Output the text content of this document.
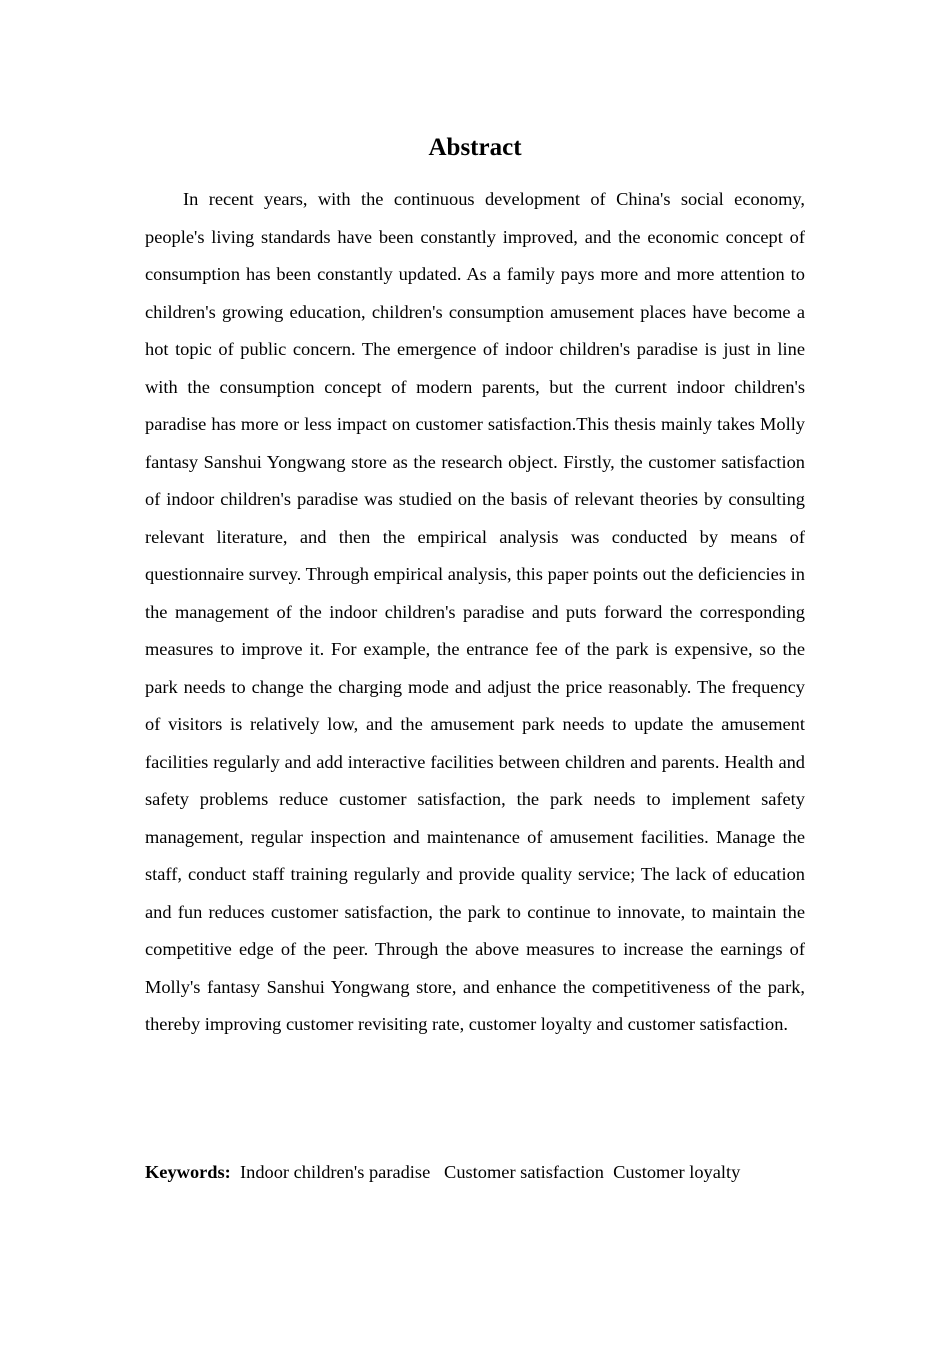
Abstract

In recent years, with the continuous development of China's social economy, people's living standards have been constantly improved, and the economic concept of consumption has been constantly updated. As a family pays more and more attention to children's growing education, children's consumption amusement places have become a hot topic of public concern. The emergence of indoor children's paradise is just in line with the consumption concept of modern parents, but the current indoor children's paradise has more or less impact on customer satisfaction.This thesis mainly takes Molly fantasy Sanshui Yongwang store as the research object. Firstly, the customer satisfaction of indoor children's paradise was studied on the basis of relevant theories by consulting relevant literature, and then the empirical analysis was conducted by means of questionnaire survey. Through empirical analysis, this paper points out the deficiencies in the management of the indoor children's paradise and puts forward the corresponding measures to improve it. For example, the entrance fee of the park is expensive, so the park needs to change the charging mode and adjust the price reasonably. The frequency of visitors is relatively low, and the amusement park needs to update the amusement facilities regularly and add interactive facilities between children and parents. Health and safety problems reduce customer satisfaction, the park needs to implement safety management, regular inspection and maintenance of amusement facilities. Manage the staff, conduct staff training regularly and provide quality service; The lack of education and fun reduces customer satisfaction, the park to continue to innovate, to maintain the competitive edge of the peer. Through the above measures to increase the earnings of Molly's fantasy Sanshui Yongwang store, and enhance the competitiveness of the park, thereby improving customer revisiting rate, customer loyalty and customer satisfaction.

Keywords: Indoor children's paradise Customer satisfaction Customer loyalty
